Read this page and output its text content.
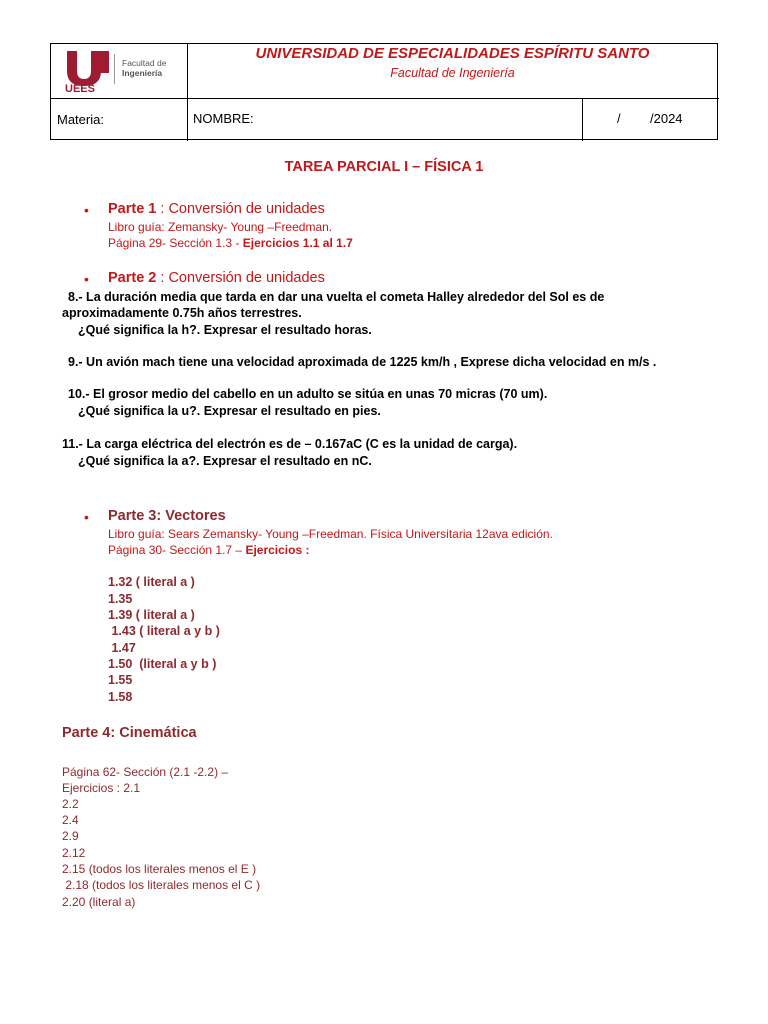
UEES
Facultad de
Ingeniería
UNIVERSIDAD DE ESPECIALIDADES ESPÍRITU SANTO
Facultad de Ingeniería
Materia:	NOMBRE:	/ /2024
TAREA PARCIAL I – FÍSICA 1
• Parte 1 : Conversión de unidades
Libro guía: Zemansky- Young –Freedman.
Página 29- Sección 1.3 - Ejercicios 1.1 al 1.7
• Parte 2 : Conversión de unidades
8.- La duración media que tarda en dar una vuelta el cometa Halley alrededor del Sol es de
aproximadamente 0.75h años terrestres.
¿Qué significa la h?. Expresar el resultado horas.
9.- Un avión mach tiene una velocidad aproximada de 1225 km/h , Exprese dicha velocidad en m/s .
10.- El grosor medio del cabello en un adulto se sitúa en unas 70 micras (70 um).
¿Qué significa la u?. Expresar el resultado en pies.
11.- La carga eléctrica del electrón es de – 0.167aC (C es la unidad de carga).
¿Qué significa la a?. Expresar el resultado en nC.
• Parte 3: Vectores
Libro guía: Sears Zemansky- Young –Freedman. Física Universitaria 12ava edición.
Página 30- Sección 1.7 – Ejercicios :
1.32 ( literal a )
1.35
1.39 ( literal a )
1.43 ( literal a y b )
1.47
1.50  (literal a y b )
1.55
1.58
Parte 4: Cinemática
Página 62- Sección (2.1 -2.2) –
Ejercicios : 2.1
2.2
2.4
2.9
2.12
2.15 (todos los literales menos el E )
2.18 (todos los literales menos el C )
2.20 (literal a)
